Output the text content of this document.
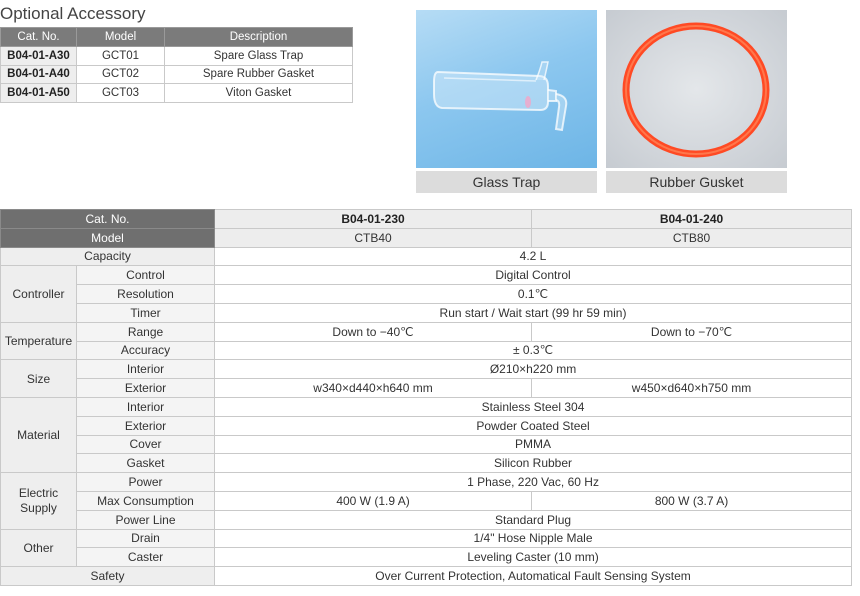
Optional Accessory
Cat. No.	Model	Description
B04-01-A30	GCT01	Spare Glass Trap
B04-01-A40	GCT02	Spare Rubber Gasket
B04-01-A50	GCT03	Viton Gasket
Glass Trap	Rubber Gusket
Cat. No.		B04-01-230	B04-01-240
Model		CTB40	CTB80
Capacity		4.2 L	
Controller	Control	Digital Control	
	Resolution	0.1℃	
	Timer	Run start / Wait start (99 hr 59 min)	
Temperature	Range	Down to −40℃	Down to −70℃
	Accuracy	± 0.3℃	
Size	Interior	Ø210×h220 mm	
	Exterior	w340×d440×h640 mm	w450×d640×h750 mm
Material	Interior	Stainless Steel 304	
	Exterior	Powder Coated Steel	
	Cover	PMMA	
	Gasket	Silicon Rubber	
Electric
Supply	Power	1 Phase, 220 Vac, 60 Hz	
	Max Consumption	400 W (1.9 A)	800 W (3.7 A)
	Power Line	Standard Plug	
Other	Drain	1/4" Hose Nipple Male	
	Caster	Leveling Caster (10 mm)	
Safety		Over Current Protection, Automatical Fault Sensing System	
